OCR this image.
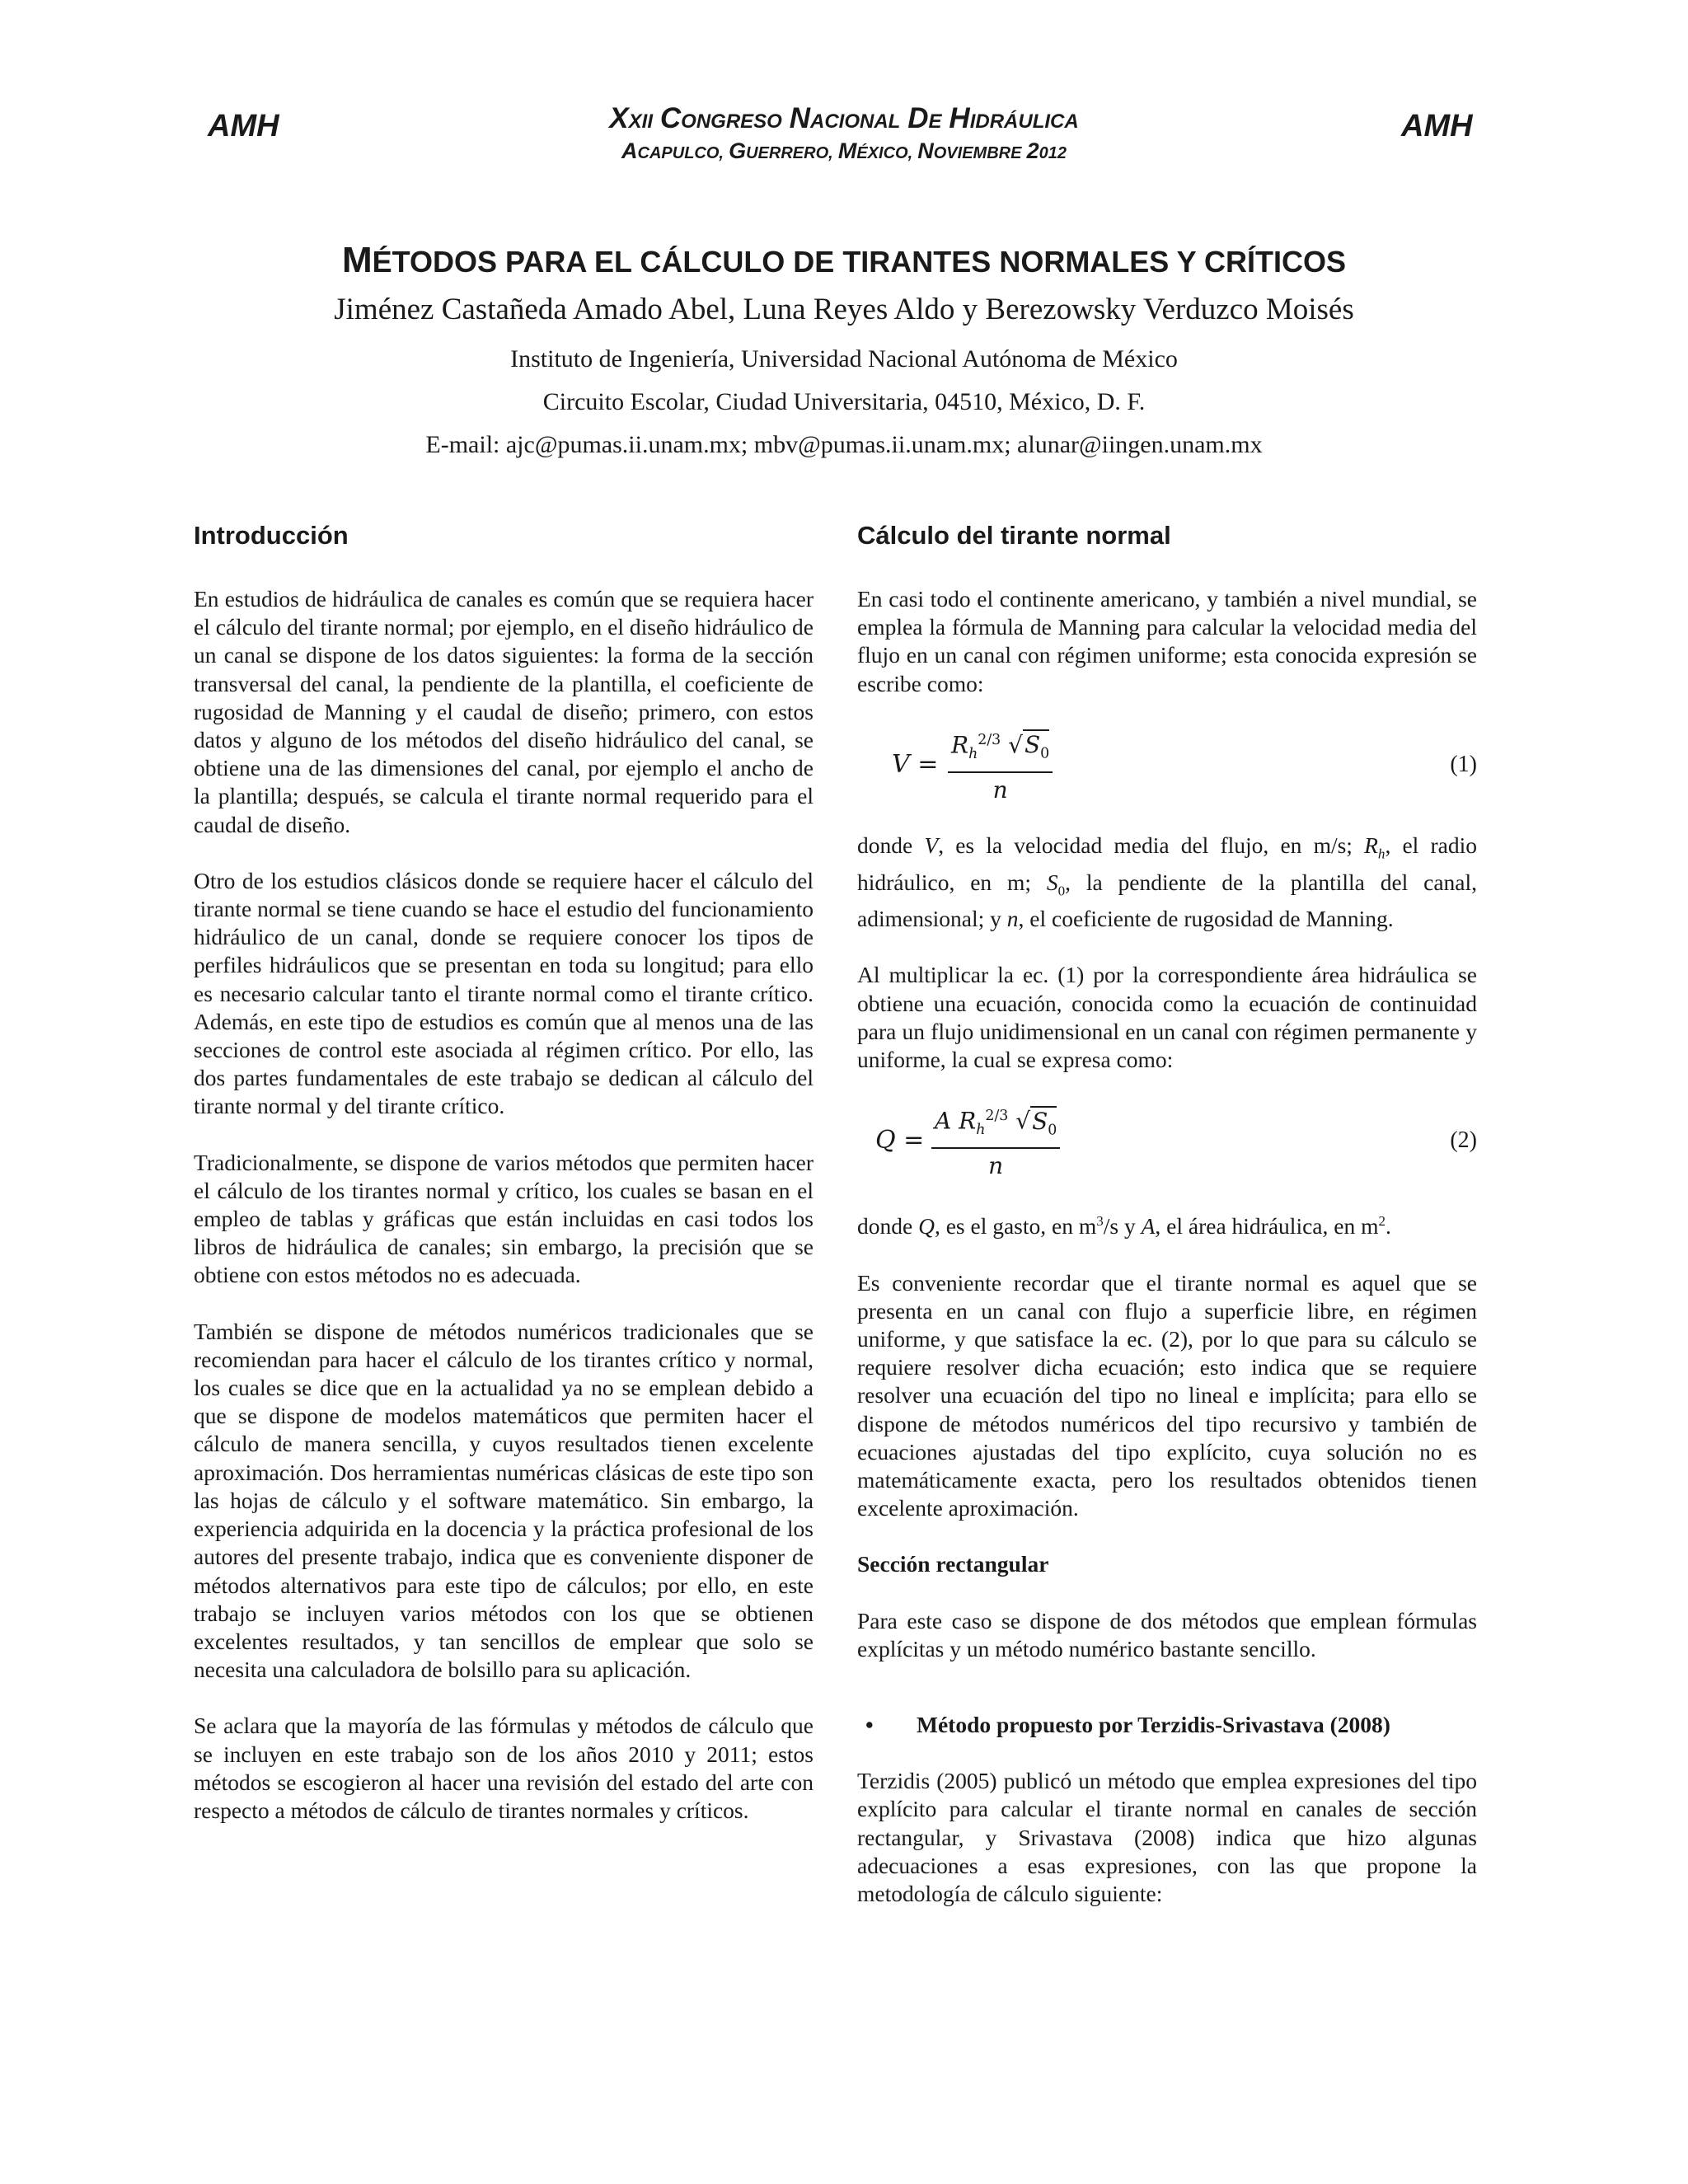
AMH	XXII CONGRESO NACIONAL DE HIDRÁULICA
ACAPULCO, GUERRERO, MÉXICO, NOVIEMBRE 2012
AMH
MÉTODOS PARA EL CÁLCULO DE TIRANTES NORMALES Y CRÍTICOS
Jiménez Castañeda Amado Abel, Luna Reyes Aldo y Berezowsky Verduzco Moisés
Instituto de Ingeniería, Universidad Nacional Autónoma de México
Circuito Escolar, Ciudad Universitaria, 04510, México, D. F.
E-mail: ajc@pumas.ii.unam.mx; mbv@pumas.ii.unam.mx; alunar@iingen.unam.mx
Introducción

En estudios de hidráulica de canales es común que se requiera hacer el cálculo del tirante normal; por ejemplo, en el diseño hidráulico de un canal se dispone de los datos siguientes: la forma de la sección transversal del canal, la pendiente de la plantilla, el coeficiente de rugosidad de Manning y el caudal de diseño; primero, con estos datos y alguno de los métodos del diseño hidráulico del canal, se obtiene una de las dimensiones del canal, por ejemplo el ancho de la plantilla; después, se calcula el tirante normal requerido para el caudal de diseño.

Otro de los estudios clásicos donde se requiere hacer el cálculo del tirante normal se tiene cuando se hace el estudio del funcionamiento hidráulico de un canal, donde se requiere conocer los tipos de perfiles hidráulicos que se presentan en toda su longitud; para ello es necesario calcular tanto el tirante normal como el tirante crítico. Además, en este tipo de estudios es común que al menos una de las secciones de control este asociada al régimen crítico. Por ello, las dos partes fundamentales de este trabajo se dedican al cálculo del tirante normal y del tirante crítico.

Tradicionalmente, se dispone de varios métodos que permiten hacer el cálculo de los tirantes normal y crítico, los cuales se basan en el empleo de tablas y gráficas que están incluidas en casi todos los libros de hidráulica de canales; sin embargo, la precisión que se obtiene con estos métodos no es adecuada.

También se dispone de métodos numéricos tradicionales que se recomiendan para hacer el cálculo de los tirantes crítico y normal, los cuales se dice que en la actualidad ya no se emplean debido a que se dispone de modelos matemáticos que permiten hacer el cálculo de manera sencilla, y cuyos resultados tienen excelente aproximación. Dos herramientas numéricas clásicas de este tipo son las hojas de cálculo y el software matemático. Sin embargo, la experiencia adquirida en la docencia y la práctica profesional de los autores del presente trabajo, indica que es conveniente disponer de métodos alternativos para este tipo de cálculos; por ello, en este trabajo se incluyen varios métodos con los que se obtienen excelentes resultados, y tan sencillos de emplear que solo se necesita una calculadora de bolsillo para su aplicación.

Se aclara que la mayoría de las fórmulas y métodos de cálculo que se incluyen en este trabajo son de los años 2010 y 2011; estos métodos se escogieron al hacer una revisión del estado del arte con respecto a métodos de cálculo de tirantes normales y críticos.

Cálculo del tirante normal

En casi todo el continente americano, y también a nivel mundial, se emplea la fórmula de Manning para calcular la velocidad media del flujo en un canal con régimen uniforme; esta conocida expresión se escribe como:

$V = \frac{R_h^{2/3} √S_0}{n}$	(1)

donde V, es la velocidad media del flujo, en m/s; $R_h$, el radio hidráulico, en m; $S_0$, la pendiente de la plantilla del canal, adimensional; y n, el coeficiente de rugosidad de Manning.

Al multiplicar la ec. (1) por la correspondiente área hidráulica se obtiene una ecuación, conocida como la ecuación de continuidad para un flujo unidimensional en un canal con régimen permanente y uniforme, la cual se expresa como:

$Q = \frac{A R_h^{2/3} √S_0}{n}$	(2)

donde Q, es el gasto, en $m^3/s$ y A, el área hidráulica, en $m^2$.

Es conveniente recordar que el tirante normal es aquel que se presenta en un canal con flujo a superficie libre, en régimen uniforme, y que satisface la ec. (2), por lo que para su cálculo se requiere resolver dicha ecuación; esto indica que se requiere resolver una ecuación del tipo no lineal e implícita; para ello se dispone de métodos numéricos del tipo recursivo y también de ecuaciones ajustadas del tipo explícito, cuya solución no es matemáticamente exacta, pero los resultados obtenidos tienen excelente aproximación.

Sección rectangular

Para este caso se dispone de dos métodos que emplean fórmulas explícitas y un método numérico bastante sencillo.

• Método propuesto por Terzidis-Srivastava (2008)

Terzidis (2005) publicó un método que emplea expresiones del tipo explícito para calcular el tirante normal en canales de sección rectangular, y Srivastava (2008) indica que hizo algunas adecuaciones a esas expresiones, con las que propone la metodología de cálculo siguiente:
